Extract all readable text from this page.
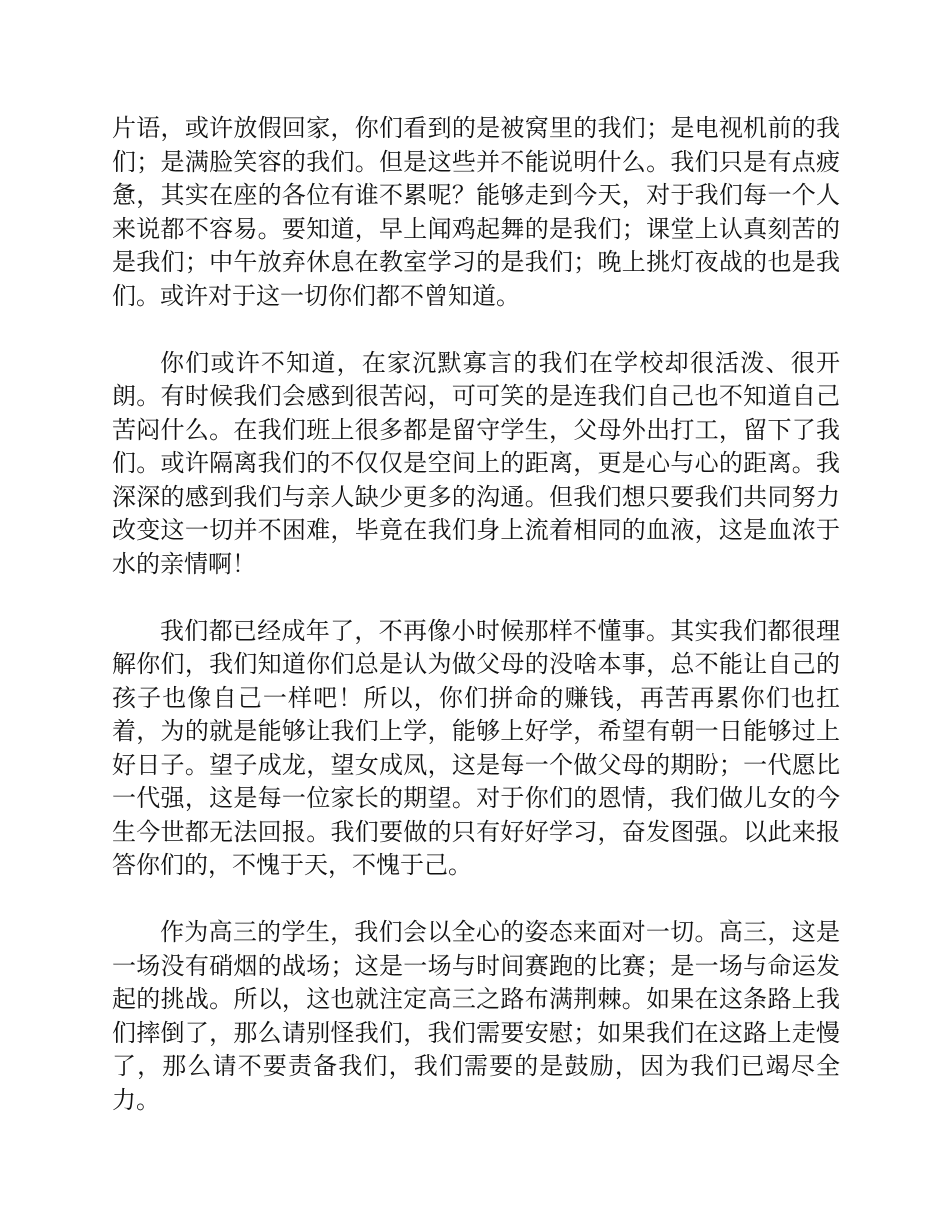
片语，或许放假回家，你们看到的是被窝里的我们；是电视机前的我们；是满脸笑容的我们。但是这些并不能说明什么。我们只是有点疲惫，其实在座的各位有谁不累呢？能够走到今天，对于我们每一个人来说都不容易。要知道，早上闻鸡起舞的是我们；课堂上认真刻苦的是我们；中午放弃休息在教室学习的是我们；晚上挑灯夜战的也是我们。或许对于这一切你们都不曾知道。

你们或许不知道，在家沉默寡言的我们在学校却很活泼、很开朗。有时候我们会感到很苦闷，可可笑的是连我们自己也不知道自己苦闷什么。在我们班上很多都是留守学生，父母外出打工，留下了我们。或许隔离我们的不仅仅是空间上的距离，更是心与心的距离。我深深的感到我们与亲人缺少更多的沟通。但我们想只要我们共同努力改变这一切并不困难，毕竟在我们身上流着相同的血液，这是血浓于水的亲情啊！

我们都已经成年了，不再像小时候那样不懂事。其实我们都很理解你们，我们知道你们总是认为做父母的没啥本事，总不能让自己的孩子也像自己一样吧！所以，你们拼命的赚钱，再苦再累你们也扛着，为的就是能够让我们上学，能够上好学，希望有朝一日能够过上好日子。望子成龙，望女成凤，这是每一个做父母的期盼；一代愿比一代强，这是每一位家长的期望。对于你们的恩情，我们做儿女的今生今世都无法回报。我们要做的只有好好学习，奋发图强。以此来报答你们的，不愧于天，不愧于己。

作为高三的学生，我们会以全心的姿态来面对一切。高三，这是一场没有硝烟的战场；这是一场与时间赛跑的比赛；是一场与命运发起的挑战。所以，这也就注定高三之路布满荆棘。如果在这条路上我们摔倒了，那么请别怪我们，我们需要安慰；如果我们在这路上走慢了，那么请不要责备我们，我们需要的是鼓励，因为我们已竭尽全力。
